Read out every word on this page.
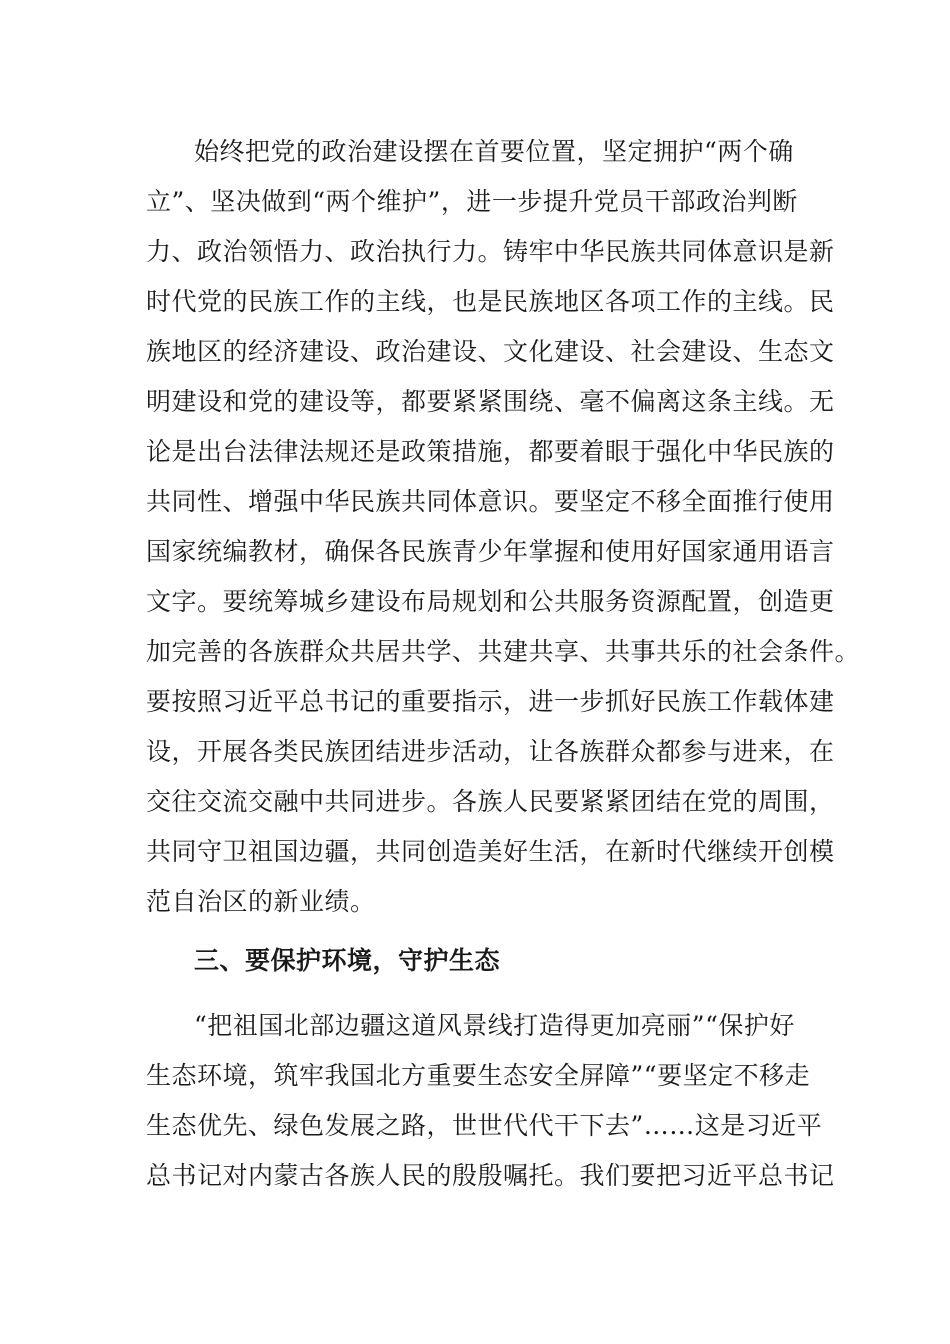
始终把党的政治建设摆在首要位置，坚定拥护“两个确

立”、坚决做到“两个维护”，进一步提升党员干部政治判断

力、政治领悟力、政治执行力。铸牢中华民族共同体意识是新

时代党的民族工作的主线，也是民族地区各项工作的主线。民

族地区的经济建设、政治建设、文化建设、社会建设、生态文

明建设和党的建设等，都要紧紧围绕、毫不偏离这条主线。无

论是出台法律法规还是政策措施，都要着眼于强化中华民族的

共同性、增强中华民族共同体意识。要坚定不移全面推行使用

国家统编教材，确保各民族青少年掌握和使用好国家通用语言

文字。要统筹城乡建设布局规划和公共服务资源配置，创造更

加完善的各族群众共居共学、共建共享、共事共乐的社会条件。

要按照习近平总书记的重要指示，进一步抓好民族工作载体建

设，开展各类民族团结进步活动，让各族群众都参与进来，在

交往交流交融中共同进步。各族人民要紧紧团结在党的周围，

共同守卫祖国边疆，共同创造美好生活，在新时代继续开创模

范自治区的新业绩。

三、要保护环境，守护生态

“把祖国北部边疆这道风景线打造得更加亮丽”“保护好

生态环境，筑牢我国北方重要生态安全屏障”“要坚定不移走

生态优先、绿色发展之路，世世代代干下去”……这是习近平

总书记对内蒙古各族人民的殷殷嘱托。我们要把习近平总书记
